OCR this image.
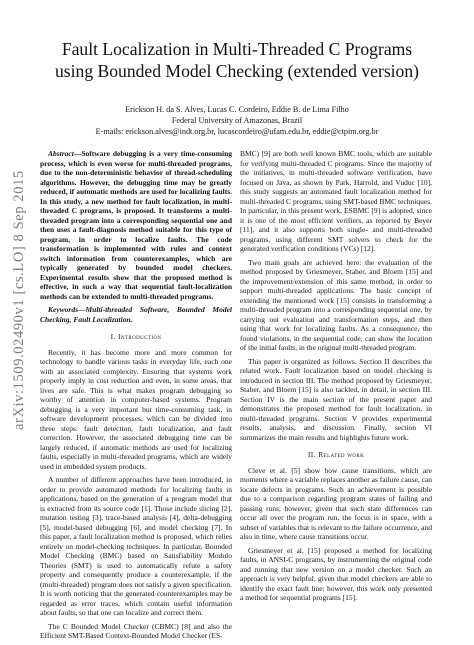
Fault Localization in Multi-Threaded C Programs
using Bounded Model Checking (extended version)
Erickson H. da S. Alves, Lucas C. Cordeiro, Eddie B. de Lima Filho
Federal University of Amazonas, Brazil
E-mails: erickson.alves@indt.org.br, lucascordeiro@ufam.edu.br, eddie@ctpim.org.br
arXiv:1509.02490v1 [cs.LO] 8 Sep 2015

Abstract—Software debugging is a very time-consuming process, which is even worse for multi-threaded programs, due to the non-deterministic behavior of thread-scheduling algorithms. However, the debugging time may be greatly reduced, if automatic methods are used for localizing faults. In this study, a new method for fault localization, in multi-threaded C programs, is proposed. It transforms a multi-threaded program into a corresponding sequential one and then uses a fault-diagnosis method suitable for this type of program, in order to localize faults. The code transformation is implemented with rules and context switch information from counterexamples, which are typically generated by bounded model checkers. Experimental results show that the proposed method is effective, in such a way that sequential fault-localization methods can be extended to multi-threaded programs.

Keywords—Multi-threaded Software, Bounded Model Checking, Fault Localization.

I. Introduction

Recently, it has become more and more common for technology to handle various tasks in everyday life, each one with an associated complexity. Ensuring that systems work properly imply in cost reduction and even, in some areas, that lives are safe. This is what makes program debugging so worthy of attention in computer-based systems. Program debugging is a very important but time-consuming task, in software development processes, which can be divided into three steps: fault detection, fault localization, and fault correction. However, the associated debugging time can be largely reduced, if automatic methods are used for localizing faults, especially in multi-threaded programs, which are widely used in embedded system products.

A number of different approaches have been introduced, in order to provide automated methods for localizing faults in applications, based on the generation of a program model that is extracted from its source code [1]. Those include slicing [2], mutation testing [3], trace-based analysis [4], delta-debugging [5], model-based debugging [6], and model checking [7]. In this paper, a fault localization method is proposed, which relies entirely on model-checking techniques. In particular, Bounded Model Checking (BMC) based on Satisfiability Modulo Theories (SMT) is used to automatically refute a safety property and consequently produce a counterexample, if the (multi-threaded) program does not satisfy a given specification. It is worth noticing that the generated counterexamples may be regarded as error traces, which contain useful information about faults, so that one can localize and correct them.

The C Bounded Model Checker (CBMC) [8] and also the Efficient SMT-Based Context-Bounded Model Checker (ES-

BMC) [9] are both well known BMC tools, which are suitable for verifying multi-threaded C programs. Since the majority of the initiatives, in multi-threaded software verification, have focused on Java, as shown by Park, Harrold, and Vuduc [10], this study suggests an automated fault localization method for multi-threaded C programs, using SMT-based BMC techniques. In particular, in this present work, ESBMC [9] is adopted, since it is one of the most efficient verifiers, as reported by Beyer [11], and it also supports both single- and multi-threaded programs, using different SMT solvers to check for the generated verification conditions (VCs) [12].

Two main goals are achieved here: the evaluation of the method proposed by Griesmeyer, Staber, and Bloem [15] and the improvement/extension of this same method, in order to support multi-threaded applications. The basic concept of extending the mentioned work [15] consists in transforming a multi-threaded program into a corresponding sequential one, by carrying out evaluation and transformation steps, and then using that work for localizing faults. As a consequence, the found violations, in the sequential code, can show the location of the initial faults, in the original multi-threaded program.

This paper is organized as follows. Section II describes the related work. Fault localization based on model checking is introduced in section III. The method proposed by Griesmeyer, Staber, and Bloem [15] is also tackled, in detail, in section III. Section IV is the main section of the present paper and demonstrates the proposed method for fault localization, in multi-threaded programs. Section V provides experimental results, analysis, and discussion. Finally, section VI summarizes the main results and highlights future work.

II. Related work

Cleve et al. [5] show how cause transitions, which are moments where a variable replaces another as failure cause, can locate defects in programs. Such an achievement is possible due to a comparison regarding program states of failing and passing runs; however, given that such state differences can occur all over the program run, the focus is in space, with a subset of variables that is relevant to the failure occurrence, and also in time, where cause transitions occur.

Griesmeyer et al. [15] proposed a method for localizing faults, in ANSI-C programs, by instrumenting the original code and running that new version on a model checker. Such an approach is very helpful, given that model checkers are able to identify the exact fault line; however, this work only presented a method for sequential programs [15].
